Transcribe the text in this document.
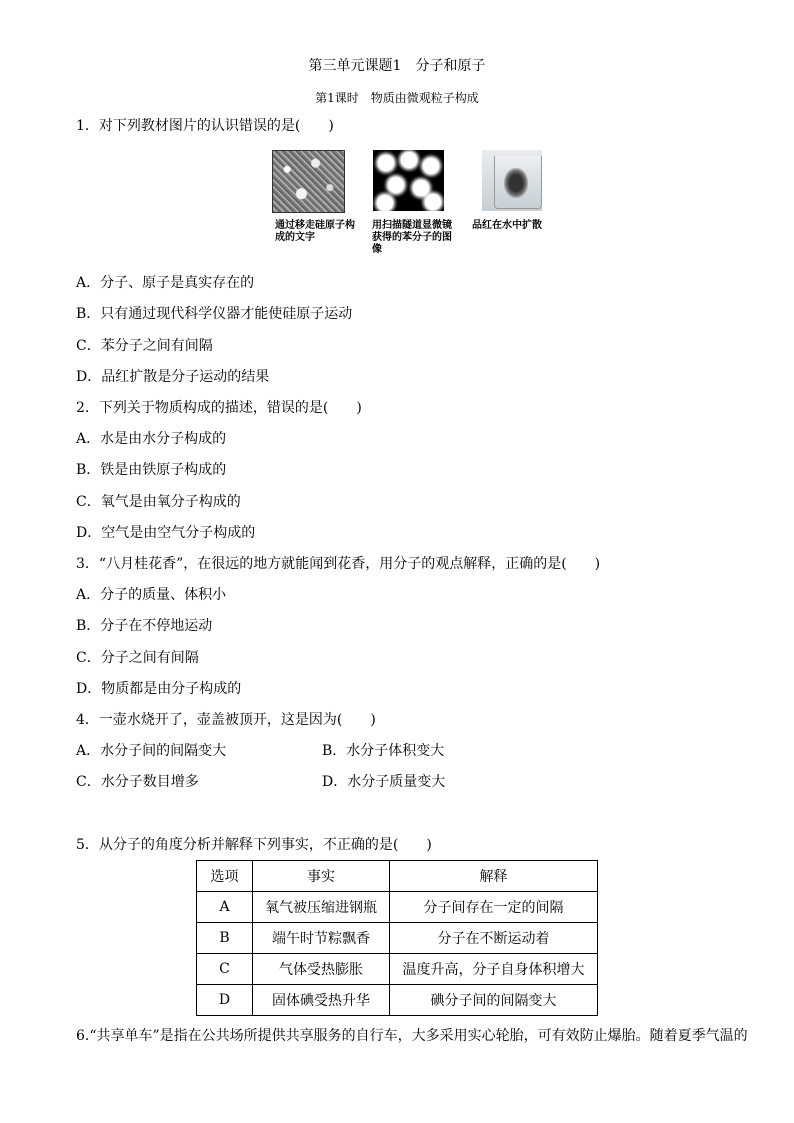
第三单元课题1　分子和原子
第1课时　物质由微观粒子构成
1．对下列教材图片的认识错误的是(　　)
通过移走硅原子构成的文字
用扫描隧道显微镜获得的苯分子的图像
品红在水中扩散
A．分子、原子是真实存在的
B．只有通过现代科学仪器才能使硅原子运动
C．苯分子之间有间隔
D．品红扩散是分子运动的结果
2．下列关于物质构成的描述，错误的是(　　)
A．水是由水分子构成的
B．铁是由铁原子构成的
C．氧气是由氧分子构成的
D．空气是由空气分子构成的
3．“八月桂花香”，在很远的地方就能闻到花香，用分子的观点解释，正确的是(　　)
A．分子的质量、体积小
B．分子在不停地运动
C．分子之间有间隔
D．物质都是由分子构成的
4．一壶水烧开了，壶盖被顶开，这是因为(　　)
A．水分子间的间隔变大	B．水分子体积变大
C．水分子数目增多	D．水分子质量变大
5．从分子的角度分析并解释下列事实，不正确的是(　　)
选项	事实	解释
A	氧气被压缩进钢瓶	分子间存在一定的间隔
B	端午时节粽飘香	分子在不断运动着
C	气体受热膨胀	温度升高，分子自身体积增大
D	固体碘受热升华	碘分子间的间隔变大
6.“共享单车”是指在公共场所提供共享服务的自行车，大多采用实心轮胎，可有效防止爆胎。随着夏季气温的
